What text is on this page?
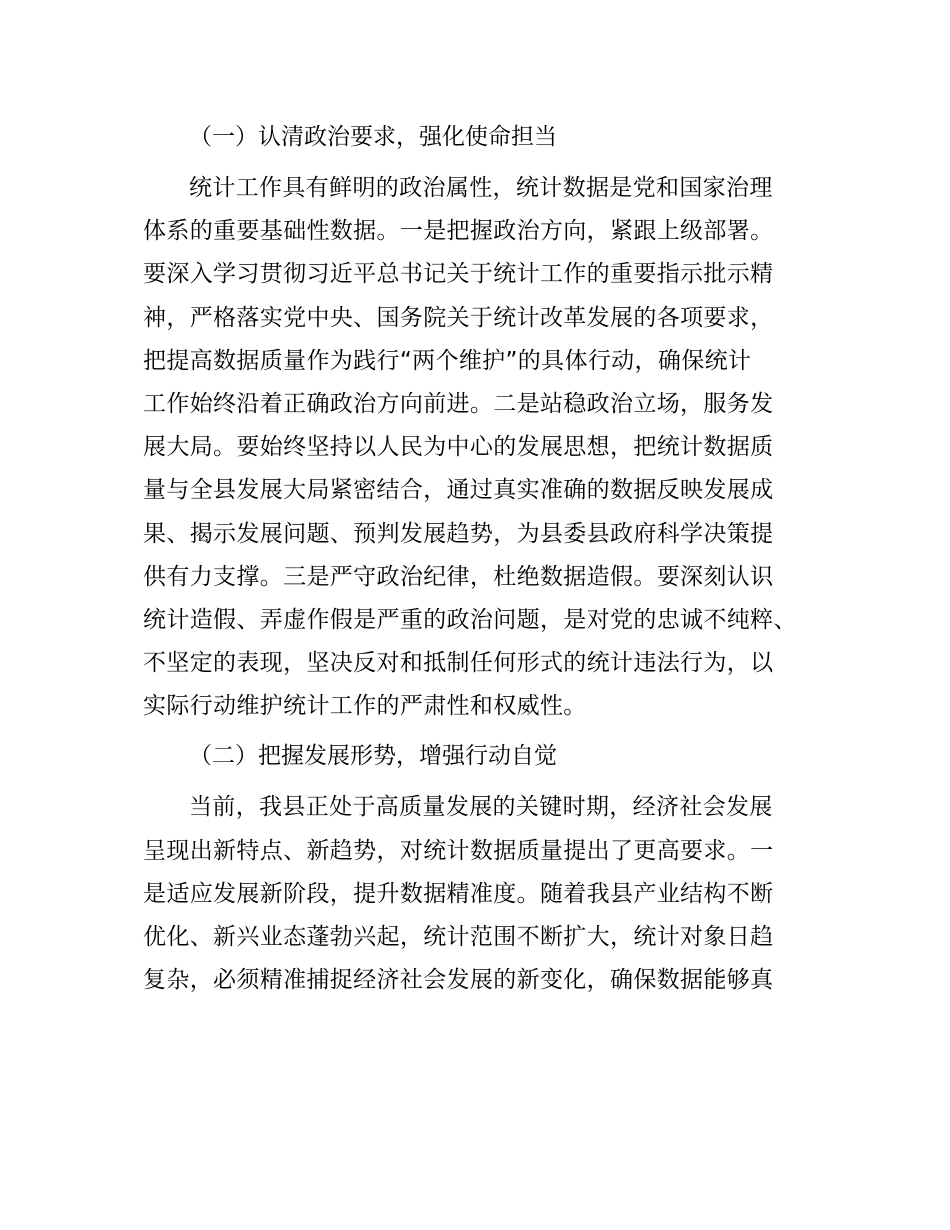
（一）认清政治要求，强化使命担当
统计工作具有鲜明的政治属性，统计数据是党和国家治理
体系的重要基础性数据。一是把握政治方向，紧跟上级部署。
要深入学习贯彻习近平总书记关于统计工作的重要指示批示精
神，严格落实党中央、国务院关于统计改革发展的各项要求，
把提高数据质量作为践行“两个维护”的具体行动，确保统计
工作始终沿着正确政治方向前进。二是站稳政治立场，服务发
展大局。要始终坚持以人民为中心的发展思想，把统计数据质
量与全县发展大局紧密结合，通过真实准确的数据反映发展成
果、揭示发展问题、预判发展趋势，为县委县政府科学决策提
供有力支撑。三是严守政治纪律，杜绝数据造假。要深刻认识
统计造假、弄虚作假是严重的政治问题，是对党的忠诚不纯粹、
不坚定的表现，坚决反对和抵制任何形式的统计违法行为，以
实际行动维护统计工作的严肃性和权威性。
（二）把握发展形势，增强行动自觉
当前，我县正处于高质量发展的关键时期，经济社会发展
呈现出新特点、新趋势，对统计数据质量提出了更高要求。一
是适应发展新阶段，提升数据精准度。随着我县产业结构不断
优化、新兴业态蓬勃兴起，统计范围不断扩大，统计对象日趋
复杂，必须精准捕捉经济社会发展的新变化，确保数据能够真
